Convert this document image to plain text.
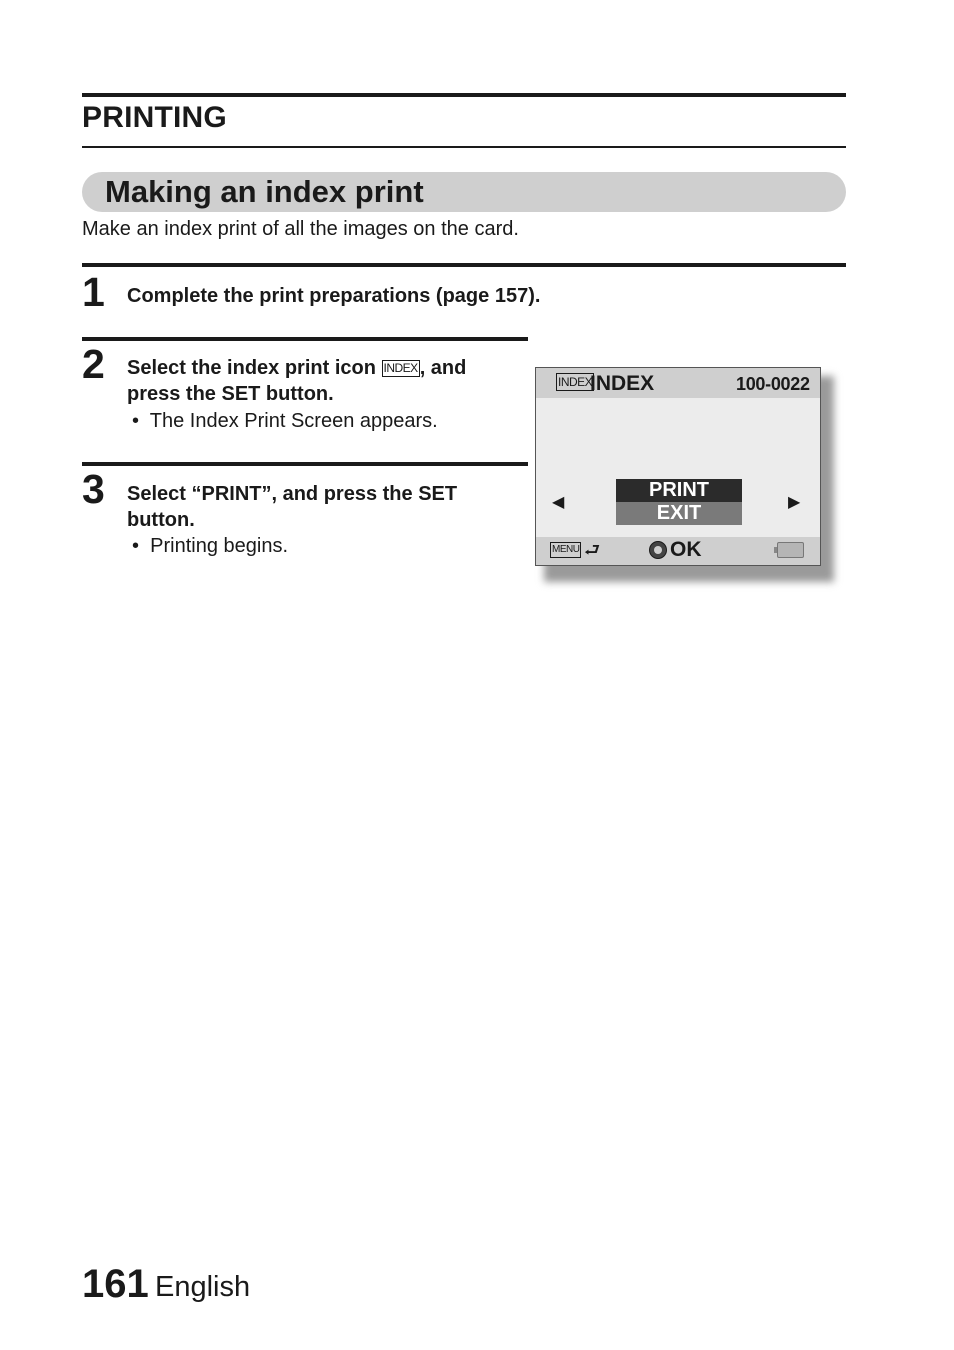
PRINTING
Making an index print
Make an index print of all the images on the card.
1 Complete the print preparations (page 157).
2 Select the index print icon INDEX , and
press the SET button.
• The Index Print Screen appears.
3 Select “PRINT”, and press the SET
button.
• Printing begins.
INDEX
INDEX	100-0022
◀
PRINT
EXIT	▶
MENU ⮐	OK
161 English
